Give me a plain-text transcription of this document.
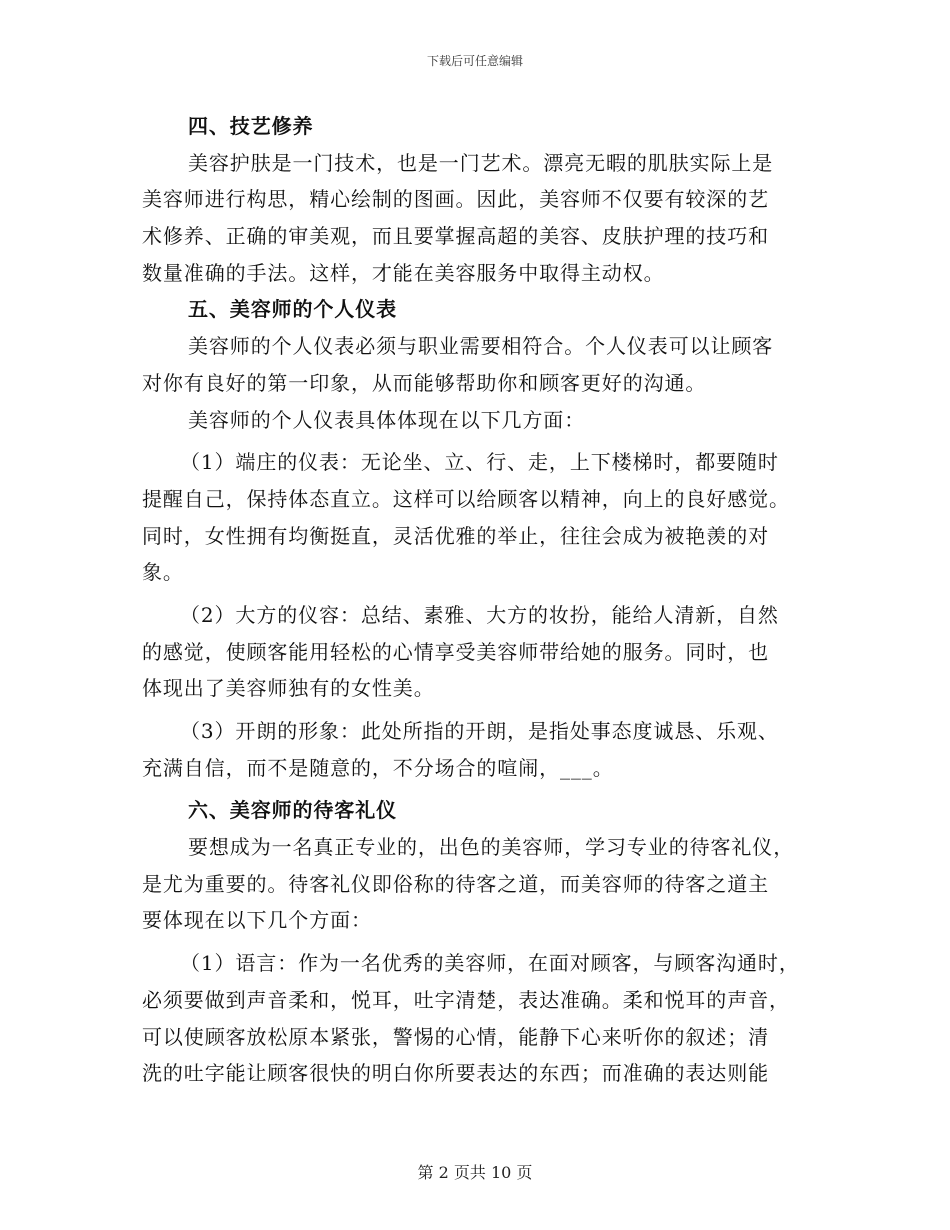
下载后可任意编辑
四、技艺修养
美容护肤是一门技术，也是一门艺术。漂亮无暇的肌肤实际上是
美容师进行构思，精心绘制的图画。因此，美容师不仅要有较深的艺
术修养、正确的审美观，而且要掌握高超的美容、皮肤护理的技巧和
数量准确的手法。这样，才能在美容服务中取得主动权。
五、美容师的个人仪表
美容师的个人仪表必须与职业需要相符合。个人仪表可以让顾客
对你有良好的第一印象，从而能够帮助你和顾客更好的沟通。
美容师的个人仪表具体体现在以下几方面：
（1）端庄的仪表：无论坐、立、行、走，上下楼梯时，都要随时
提醒自己，保持体态直立。这样可以给顾客以精神，向上的良好感觉。
同时，女性拥有均衡挺直，灵活优雅的举止，往往会成为被艳羡的对
象。
（2）大方的仪容：总结、素雅、大方的妆扮，能给人清新，自然
的感觉，使顾客能用轻松的心情享受美容师带给她的服务。同时，也
体现出了美容师独有的女性美。
（3）开朗的形象：此处所指的开朗，是指处事态度诚恳、乐观、
充满自信，而不是随意的，不分场合的喧闹，___。
六、美容师的待客礼仪
要想成为一名真正专业的，出色的美容师，学习专业的待客礼仪，
是尤为重要的。待客礼仪即俗称的待客之道，而美容师的待客之道主
要体现在以下几个方面：
（1）语言：作为一名优秀的美容师，在面对顾客，与顾客沟通时，
必须要做到声音柔和，悦耳，吐字清楚，表达准确。柔和悦耳的声音，
可以使顾客放松原本紧张，警惕的心情，能静下心来听你的叙述；清
洗的吐字能让顾客很快的明白你所要表达的东西；而准确的表达则能
第 2 页共 10 页
